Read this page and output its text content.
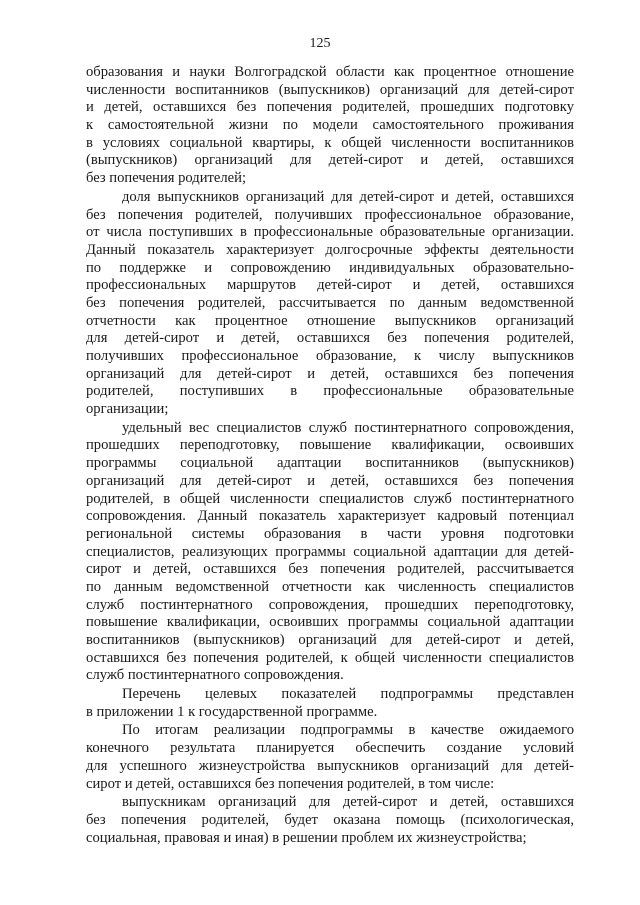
125
образования и науки Волгоградской области как процентное отношение
численности воспитанников (выпускников) организаций для детей-сирот
и детей, оставшихся без попечения родителей, прошедших подготовку
к самостоятельной жизни по модели самостоятельного проживания
в условиях социальной квартиры, к общей численности воспитанников
(выпускников) организаций для детей-сирот и детей, оставшихся
без попечения родителей;
доля выпускников организаций для детей-сирот и детей, оставшихся
без попечения родителей, получивших профессиональное образование,
от числа поступивших в профессиональные образовательные организации.
Данный показатель характеризует долгосрочные эффекты деятельности
по поддержке и сопровождению индивидуальных образовательно-
профессиональных маршрутов детей-сирот и детей, оставшихся
без попечения родителей, рассчитывается по данным ведомственной
отчетности как процентное отношение выпускников организаций
для детей-сирот и детей, оставшихся без попечения родителей,
получивших профессиональное образование, к числу выпускников
организаций для детей-сирот и детей, оставшихся без попечения
родителей, поступивших в профессиональные образовательные
организации;
удельный вес специалистов служб постинтернатного сопровождения,
прошедших переподготовку, повышение квалификации, освоивших
программы социальной адаптации воспитанников (выпускников)
организаций для детей-сирот и детей, оставшихся без попечения
родителей, в общей численности специалистов служб постинтернатного
сопровождения. Данный показатель характеризует кадровый потенциал
региональной системы образования в части уровня подготовки
специалистов, реализующих программы социальной адаптации для детей-
сирот и детей, оставшихся без попечения родителей, рассчитывается
по данным ведомственной отчетности как численность специалистов
служб постинтернатного сопровождения, прошедших переподготовку,
повышение квалификации, освоивших программы социальной адаптации
воспитанников (выпускников) организаций для детей-сирот и детей,
оставшихся без попечения родителей, к общей численности специалистов
служб постинтернатного сопровождения.
Перечень целевых показателей подпрограммы представлен
в приложении 1 к государственной программе.
По итогам реализации подпрограммы в качестве ожидаемого
конечного результата планируется обеспечить создание условий
для успешного жизнеустройства выпускников организаций для детей-
сирот и детей, оставшихся без попечения родителей, в том числе:
выпускникам организаций для детей-сирот и детей, оставшихся
без попечения родителей, будет оказана помощь (психологическая,
социальная, правовая и иная) в решении проблем их жизнеустройства;
